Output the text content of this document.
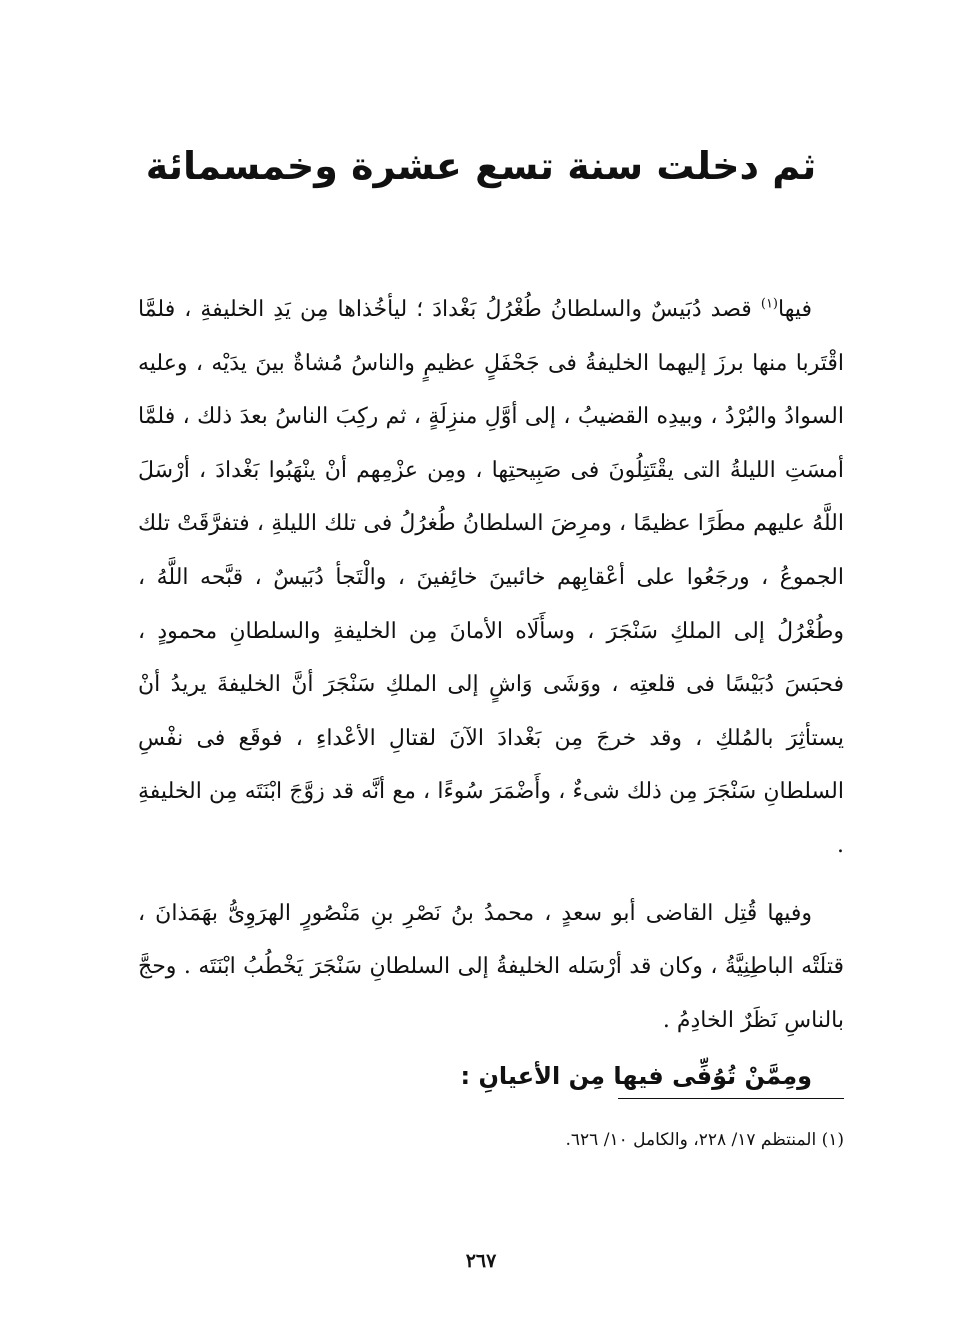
ثم دخلت سنة تسع عشرة وخمسمائة

فيها$^{(١)}$ قصد دُبَيسٌ والسلطانُ طُغْرُلُ بَغْدادَ ؛ ليأخُذاها مِن يَدِ الخليفةِ ، فلمَّا اقْتَربا منها برزَ إليهما الخليفةُ فى جَحْفَلٍ عظيمٍ والناسُ مُشاةٌ بينَ يدَيْه ، وعليه السوادُ والبُرْدُ ، وبيدِه القضيبُ ، إلى أوَّلِ منزِلَةٍ ، ثم ركِبَ الناسُ بعدَ ذلك ، فلمَّا أمسَتِ الليلةُ التى يقْتَتِلُونَ فى صَبِيحتِها ، ومِن عزْمِهم أنْ ينْهَبُوا بَغْدادَ ، أرْسَلَ اللَّهُ عليهم مطَرًا عظيمًا ، ومرِضَ السلطانُ طُغرُلُ فى تلك الليلةِ ، فتفرَّقَتْ تلك الجموعُ ، ورجَعُوا على أعْقابِهم خائبينَ خائِفينَ ، والْتَجأ دُبَيسٌ ، قبَّحه اللَّهُ ، وطُغْرُلُ إلى الملكِ سَنْجَرَ ، وسأَلَاه الأمانَ مِن الخليفةِ والسلطانِ محمودٍ ، فحبَسَ دُبَيْسًا فى قلعتِه ، ووَشَى وَاشٍ إلى الملكِ سَنْجَرَ أنَّ الخليفةَ يريدُ أنْ يستأثِرَ بالمُلكِ ، وقد خرجَ مِن بَغْدادَ الآنَ لقتالِ الأعْداءِ ، فوقَع فى نفْسِ السلطانِ سَنْجَرَ مِن ذلك شىءٌ ، وأَضْمَرَ سُوءًا ، مع أنَّه قد زوَّجَ ابْنَتَه مِن الخليفةِ .

وفيها قُتِل القاضى أبو سعدٍ ، محمدُ بنُ نَصْرِ بنِ مَنْصُورٍ الهرَوِىُّ بهَمَذانَ ، قتلَتْه الباطِنِيَّةُ ، وكان قد أرْسَله الخليفةُ إلى السلطانِ سَنْجَرَ يَخْطُبُ ابْنَتَه . وحجَّ بالناسِ نَظَرٌ الخادِمُ .

ومِمَّنْ تُوُفِّى فيها مِن الأعيانِ :

(١) المنتظم ١٧/ ٢٢٨، والكامل ١٠/ ٦٢٦.

٢٦٧
